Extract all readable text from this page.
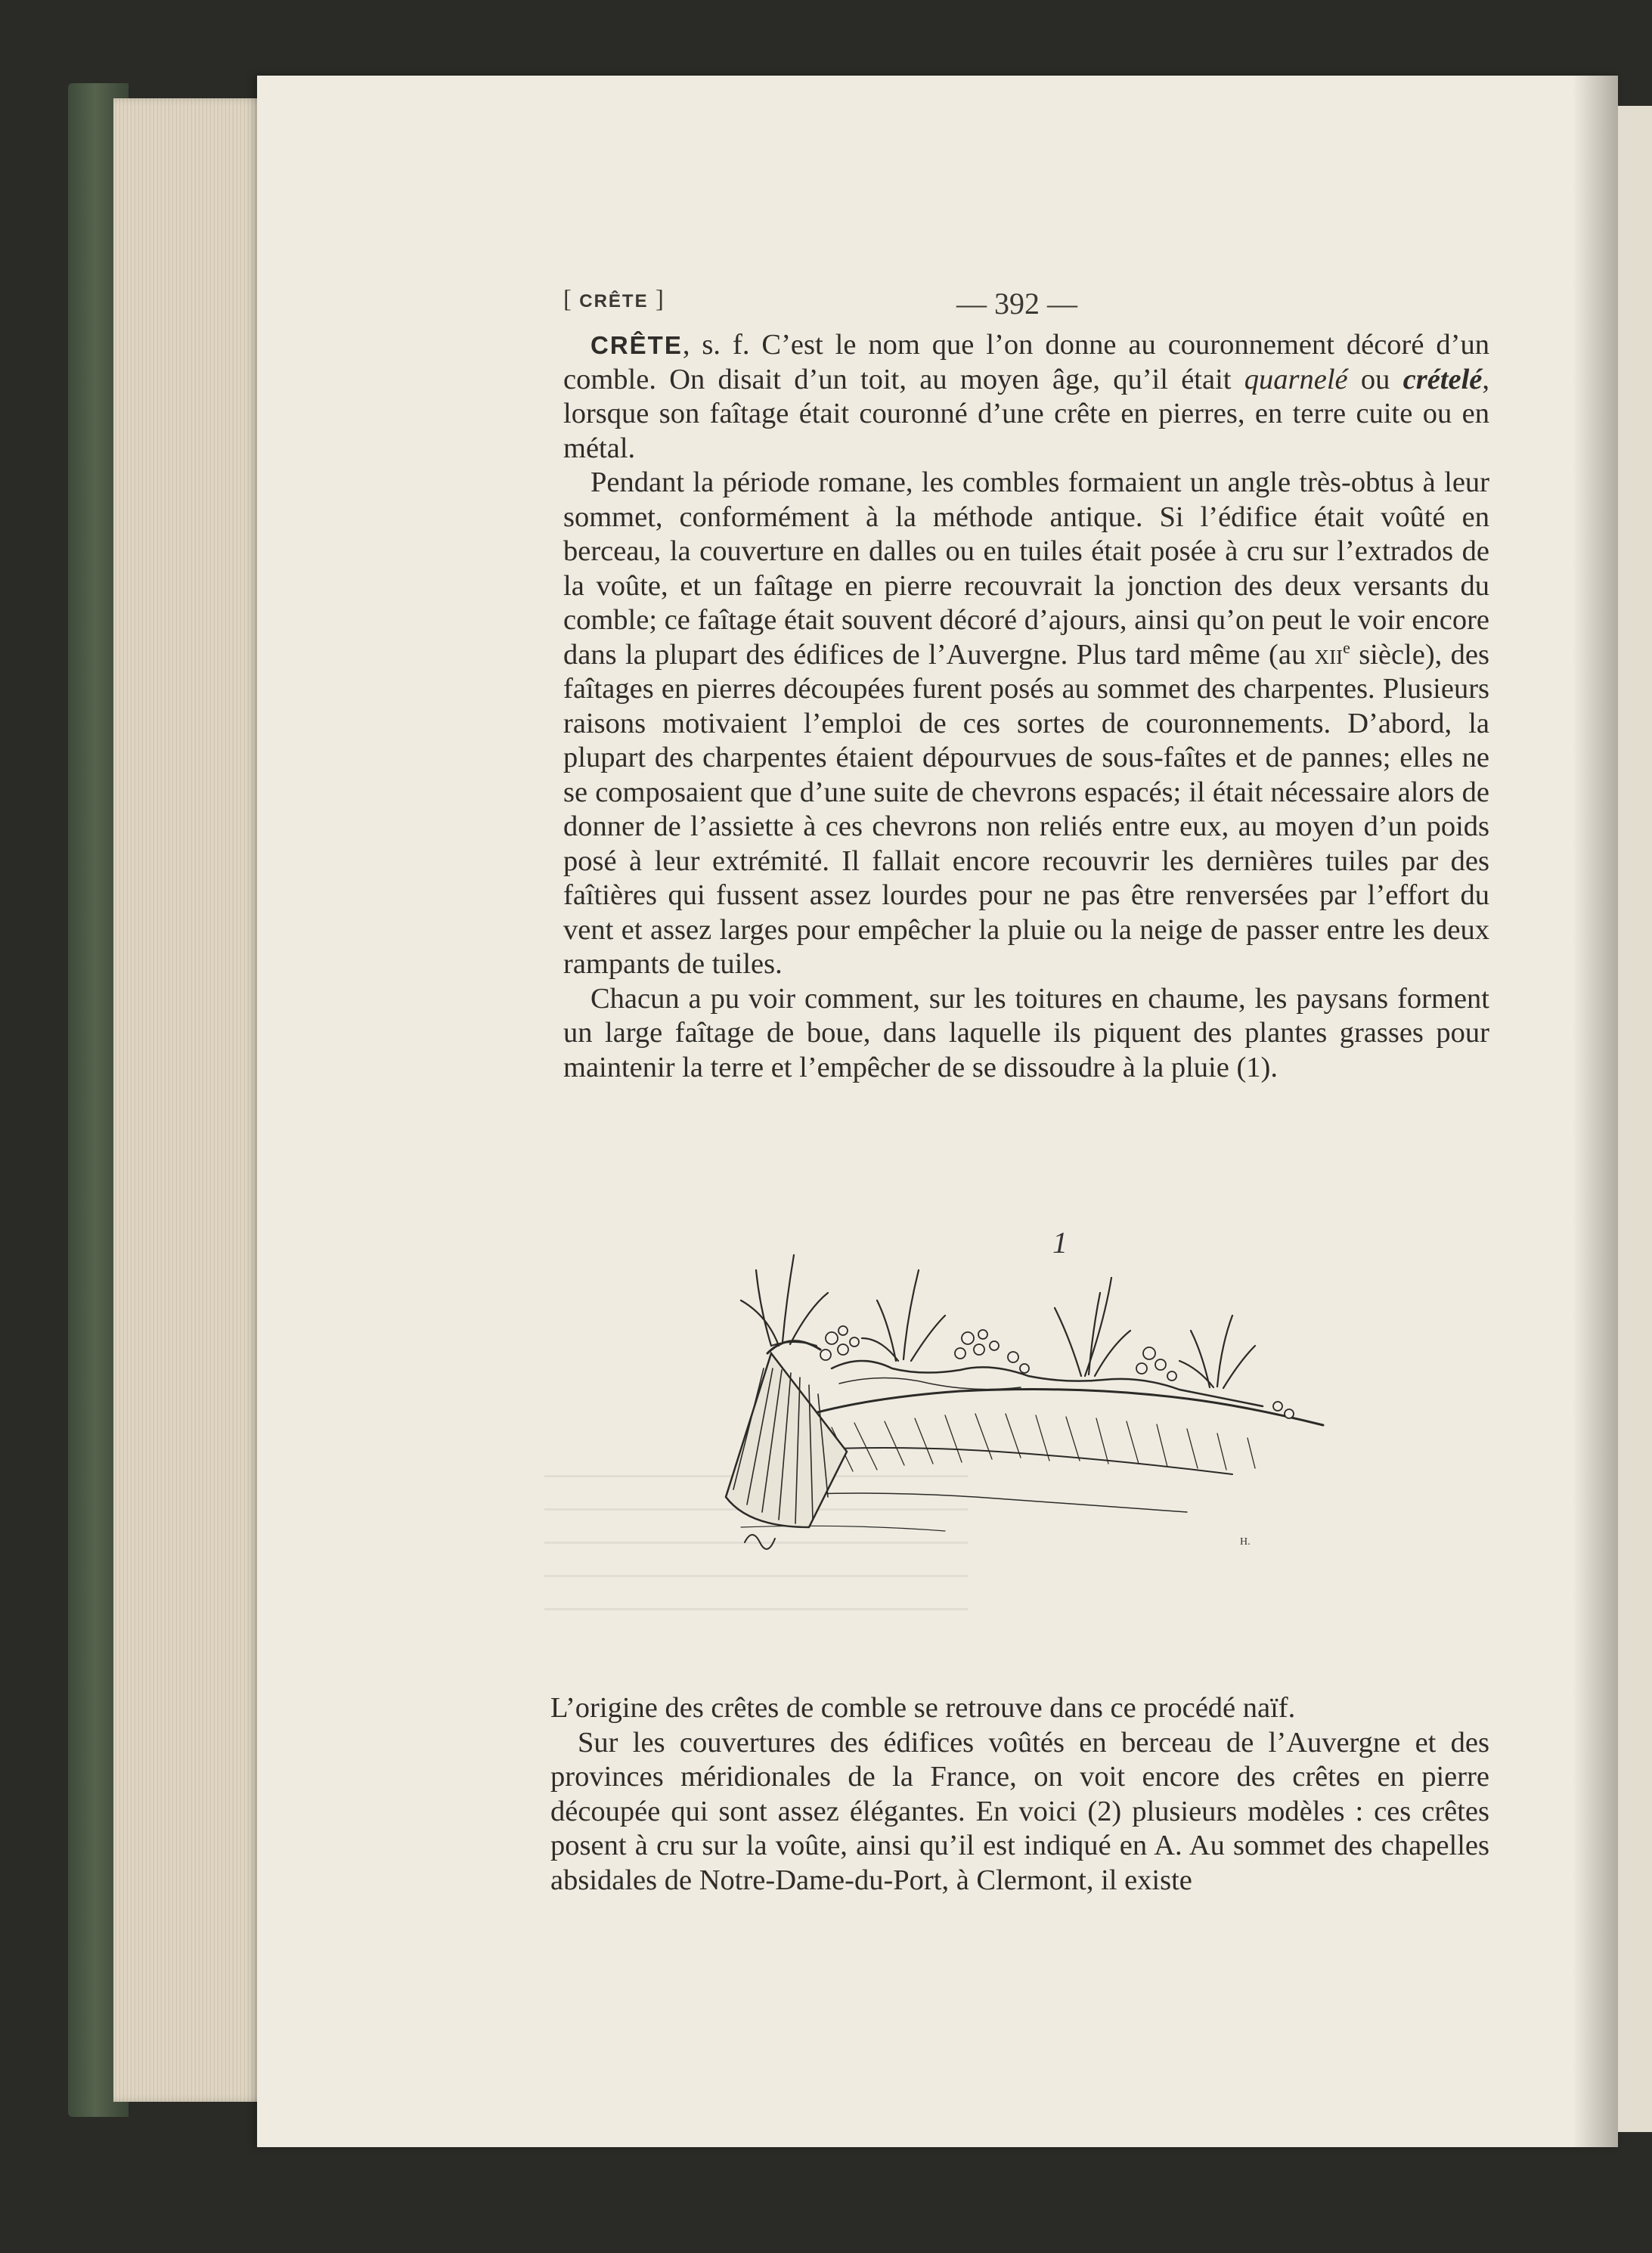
[ CRÊTE ]	— 392 —

CRÊTE, s. f. C’est le nom que l’on donne au couronnement décoré d’un comble. On disait d’un toit, au moyen âge, qu’il était quarnelé ou crételé, lorsque son faîtage était couronné d’une crête en pierres, en terre cuite ou en métal.

Pendant la période romane, les combles formaient un angle très-obtus à leur sommet, conformément à la méthode antique. Si l’édifice était voûté en berceau, la couverture en dalles ou en tuiles était posée à cru sur l’extrados de la voûte, et un faîtage en pierre recouvrait la jonction des deux versants du comble; ce faîtage était souvent décoré d’ajours, ainsi qu’on peut le voir encore dans la plupart des édifices de l’Auvergne. Plus tard même (au xii$^e$ siècle), des faîtages en pierres découpées furent posés au sommet des charpentes. Plusieurs raisons motivaient l’emploi de ces sortes de couronnements. D’abord, la plupart des charpentes étaient dépourvues de sous-faîtes et de pannes; elles ne se composaient que d’une suite de chevrons espacés; il était nécessaire alors de donner de l’assiette à ces chevrons non reliés entre eux, au moyen d’un poids posé à leur extrémité. Il fallait encore recouvrir les dernières tuiles par des faîtières qui fussent assez lourdes pour ne pas être renversées par l’effort du vent et assez larges pour empêcher la pluie ou la neige de passer entre les deux rampants de tuiles.

Chacun a pu voir comment, sur les toitures en chaume, les paysans forment un large faîtage de boue, dans laquelle ils piquent des plantes grasses pour maintenir la terre et l’empêcher de se dissoudre à la pluie (1).

1
H.

L’origine des crêtes de comble se retrouve dans ce procédé naïf.

Sur les couvertures des édifices voûtés en berceau de l’Auvergne et des provinces méridionales de la France, on voit encore des crêtes en pierre découpée qui sont assez élégantes. En voici (2) plusieurs modèles : ces crêtes posent à cru sur la voûte, ainsi qu’il est indiqué en A. Au sommet des chapelles absidales de Notre-Dame-du-Port, à Clermont, il existe
